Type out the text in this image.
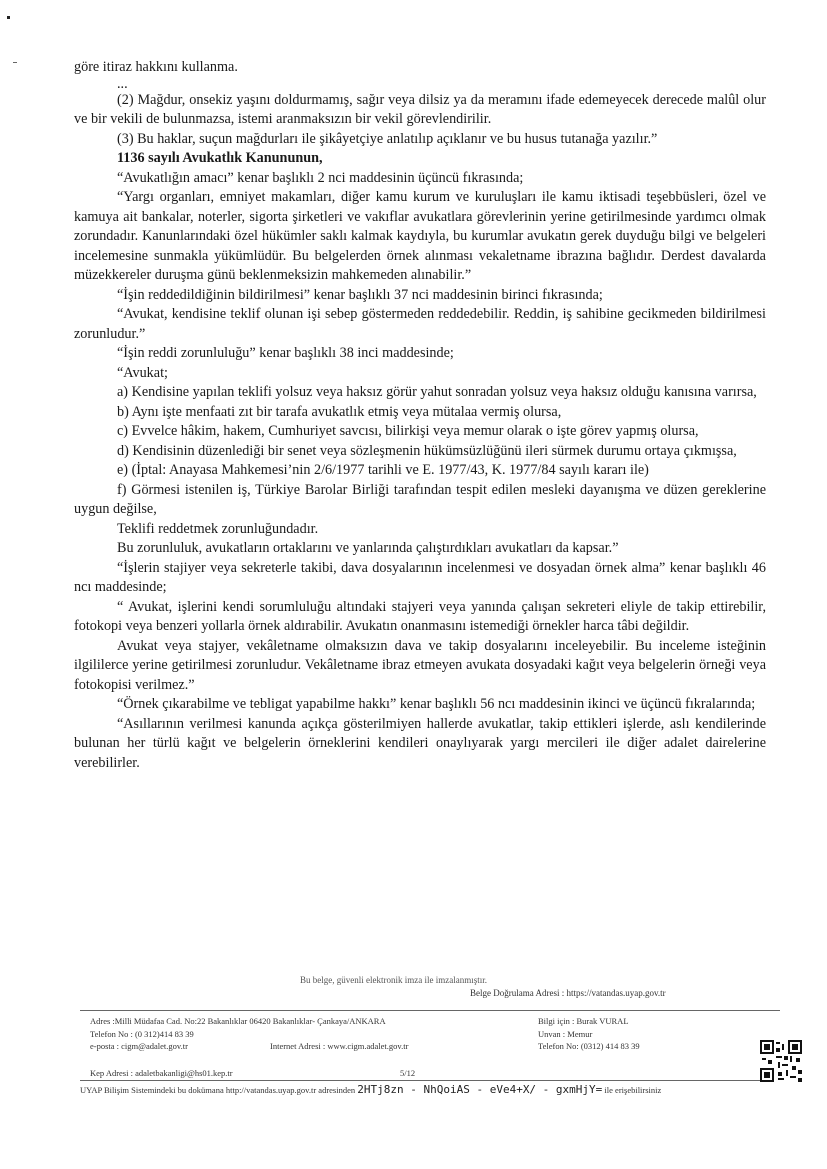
göre itiraz hakkını kullanma.

...

(2) Mağdur, onsekiz yaşını doldurmamış, sağır veya dilsiz ya da meramını ifade edemeyecek derecede malûl olur ve bir vekili de bulunmazsa, istemi aranmaksızın bir vekil görevlendirilir.

(3) Bu haklar, suçun mağdurları ile şikâyetçiye anlatılıp açıklanır ve bu husus tutanağa yazılır.”

1136 sayılı Avukatlık Kanununun,

“Avukatlığın amacı” kenar başlıklı 2 nci maddesinin üçüncü fıkrasında;

“Yargı organları, emniyet makamları, diğer kamu kurum ve kuruluşları ile kamu iktisadi teşebbüsleri, özel ve kamuya ait bankalar, noterler, sigorta şirketleri ve vakıflar avukatlara görevlerinin yerine getirilmesinde yardımcı olmak zorundadır. Kanunlarındaki özel hükümler saklı kalmak kaydıyla, bu kurumlar avukatın gerek duyduğu bilgi ve belgeleri incelemesine sunmakla yükümlüdür. Bu belgelerden örnek alınması vekaletname ibrazına bağlıdır. Derdest davalarda müzekkereler duruşma günü beklenmeksizin mahkemeden alınabilir.”

“İşin reddedildiğinin bildirilmesi” kenar başlıklı 37 nci maddesinin birinci fıkrasında;

“Avukat, kendisine teklif olunan işi sebep göstermeden reddedebilir. Reddin, iş sahibine gecikmeden bildirilmesi zorunludur.”

“İşin reddi zorunluluğu” kenar başlıklı 38 inci maddesinde;

“Avukat;

a) Kendisine yapılan teklifi yolsuz veya haksız görür yahut sonradan yolsuz veya haksız olduğu kanısına varırsa,

b) Aynı işte menfaati zıt bir tarafa avukatlık etmiş veya mütalaa vermiş olursa,

c) Evvelce hâkim, hakem, Cumhuriyet savcısı, bilirkişi veya memur olarak o işte görev yapmış olursa,

d) Kendisinin düzenlediği bir senet veya sözleşmenin hükümsüzlüğünü ileri sürmek durumu ortaya çıkmışsa,

e) (İptal: Anayasa Mahkemesi’nin 2/6/1977 tarihli ve E. 1977/43, K. 1977/84 sayılı kararı ile)

f) Görmesi istenilen iş, Türkiye Barolar Birliği tarafından tespit edilen mesleki dayanışma ve düzen gereklerine uygun değilse,

Teklifi reddetmek zorunluğundadır.

Bu zorunluluk, avukatların ortaklarını ve yanlarında çalıştırdıkları avukatları da kapsar.”

“İşlerin stajiyer veya sekreterle takibi, dava dosyalarının incelenmesi ve dosyadan örnek alma” kenar başlıklı 46 ncı maddesinde;

“ Avukat, işlerini kendi sorumluluğu altındaki stajyeri veya yanında çalışan sekreteri eliyle de takip ettirebilir, fotokopi veya benzeri yollarla örnek aldırabilir. Avukatın onanmasını istemediği örnekler harca tâbi değildir.

Avukat veya stajyer, vekâletname olmaksızın dava ve takip dosyalarını inceleyebilir. Bu inceleme isteğinin ilgililerce yerine getirilmesi zorunludur. Vekâletname ibraz etmeyen avukata dosyadaki kağıt veya belgelerin örneği veya fotokopisi verilmez.”

“Örnek çıkarabilme ve tebligat yapabilme hakkı” kenar başlıklı 56 ncı maddesinin ikinci ve üçüncü fıkralarında;

“Asıllarının verilmesi kanunda açıkça gösterilmiyen hallerde avukatlar, takip ettikleri işlerde, aslı kendilerinde bulunan her türlü kağıt ve belgelerin örneklerini kendileri onaylıyarak yargı mercileri ile diğer adalet dairelerine verebilirler.

Bu belge, güvenli elektronik imza ile imzalanmıştır.
Belge Doğrulama Adresi : https://vatandas.uyap.gov.tr
Adres :Milli Müdafaa Cad. No:22 Bakanlıklar 06420 Bakanlıklar- Çankaya/ANKARA
Telefon No : (0 312)414 83 39
e-posta : cigm@adalet.gov.tr	Internet Adresi : www.cigm.adalet.gov.tr
Bilgi için : Burak VURAL
Unvan : Memur
Telefon No: (0312) 414 83 39
Kep Adresi : adaletbakanligi@hs01.kep.tr	5/12
UYAP Bilişim Sistemindeki bu dokümana http://vatandas.uyap.gov.tr adresinden 2HTj8zn - NhQoiAS - eVe4+X/ - gxmHjY= ile erişebilirsiniz
